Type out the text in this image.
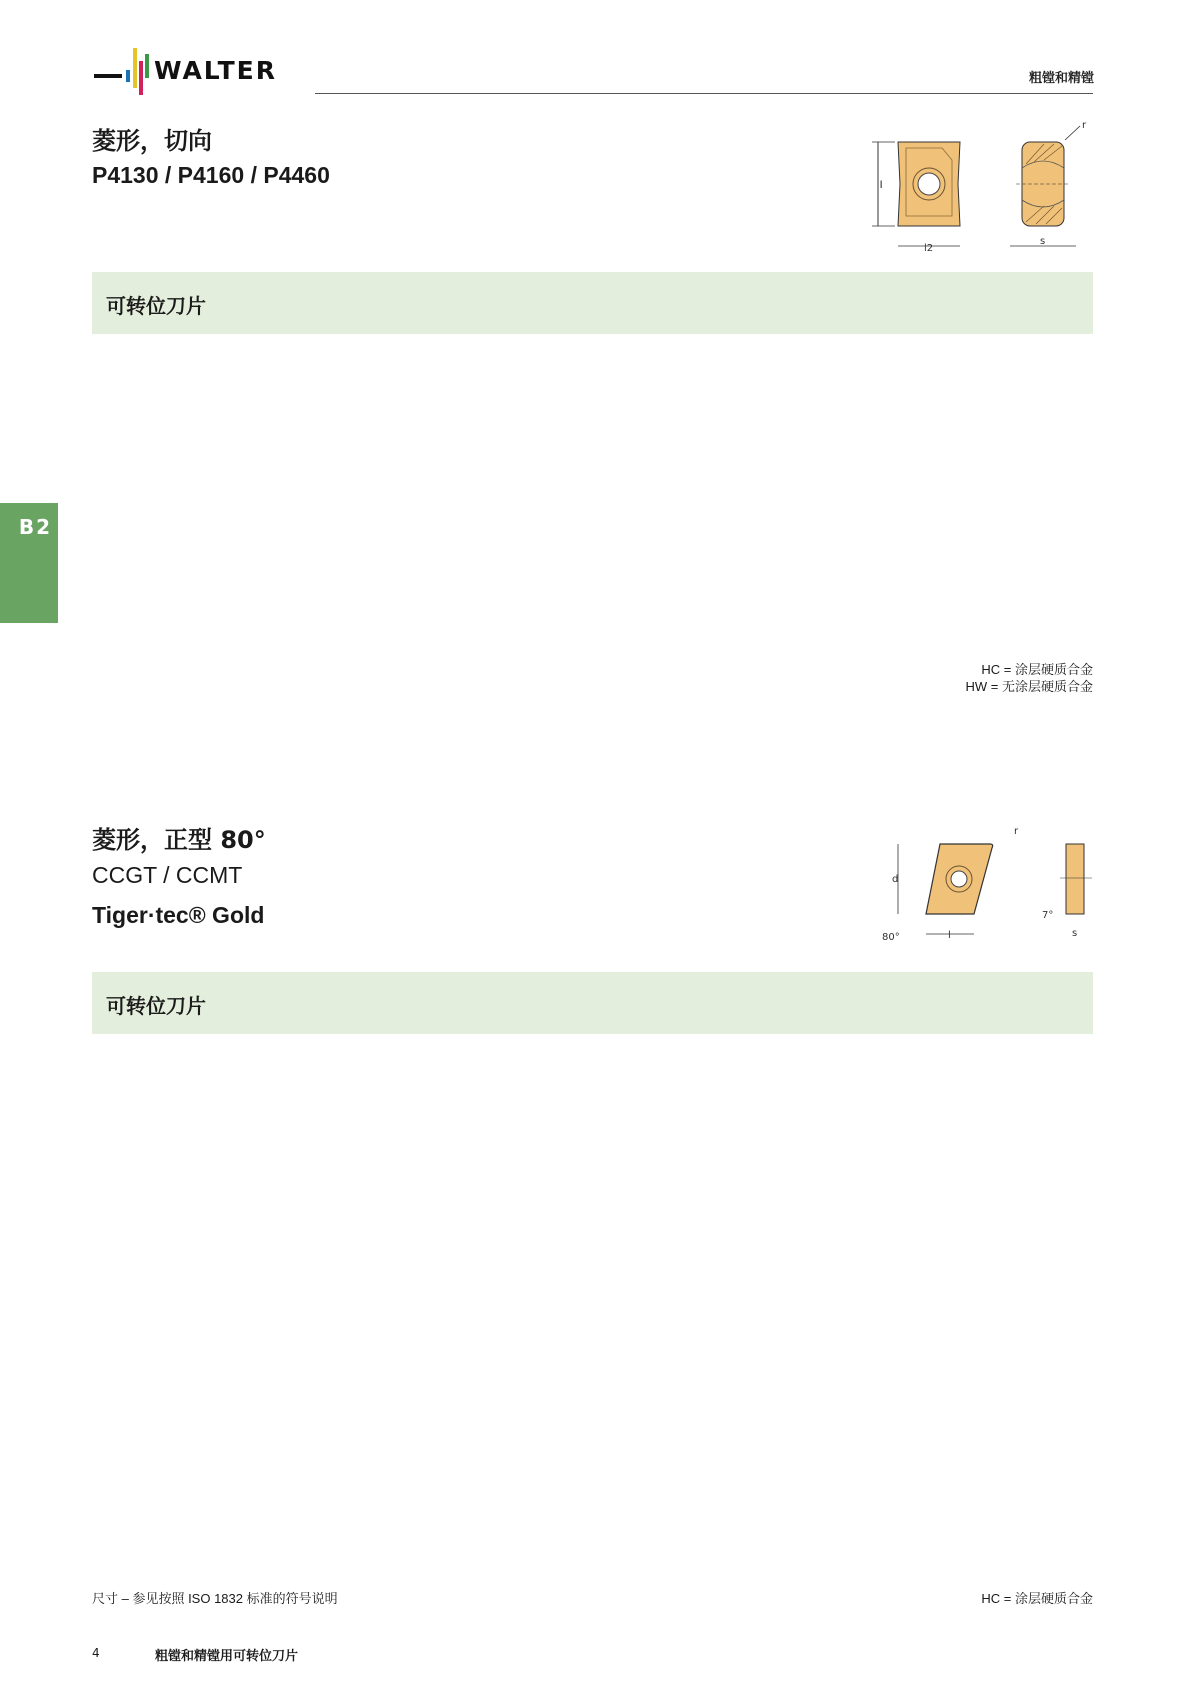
WALTER	粗镗和精镗
B2
菱形，切向
P4130 / P4160 / P4460	l
l2
s
r
可转位刀片
HC = 涂层硬质合金
HW = 无涂层硬质合金
菱形，正型 80°
CCGT / CCMT
Tiger·tec® Gold
d
l
80°
r
7°
s
可转位刀片
尺寸 – 参见按照 ISO 1832 标准的符号说明	HC = 涂层硬质合金
4	粗镗和精镗用可转位刀片
